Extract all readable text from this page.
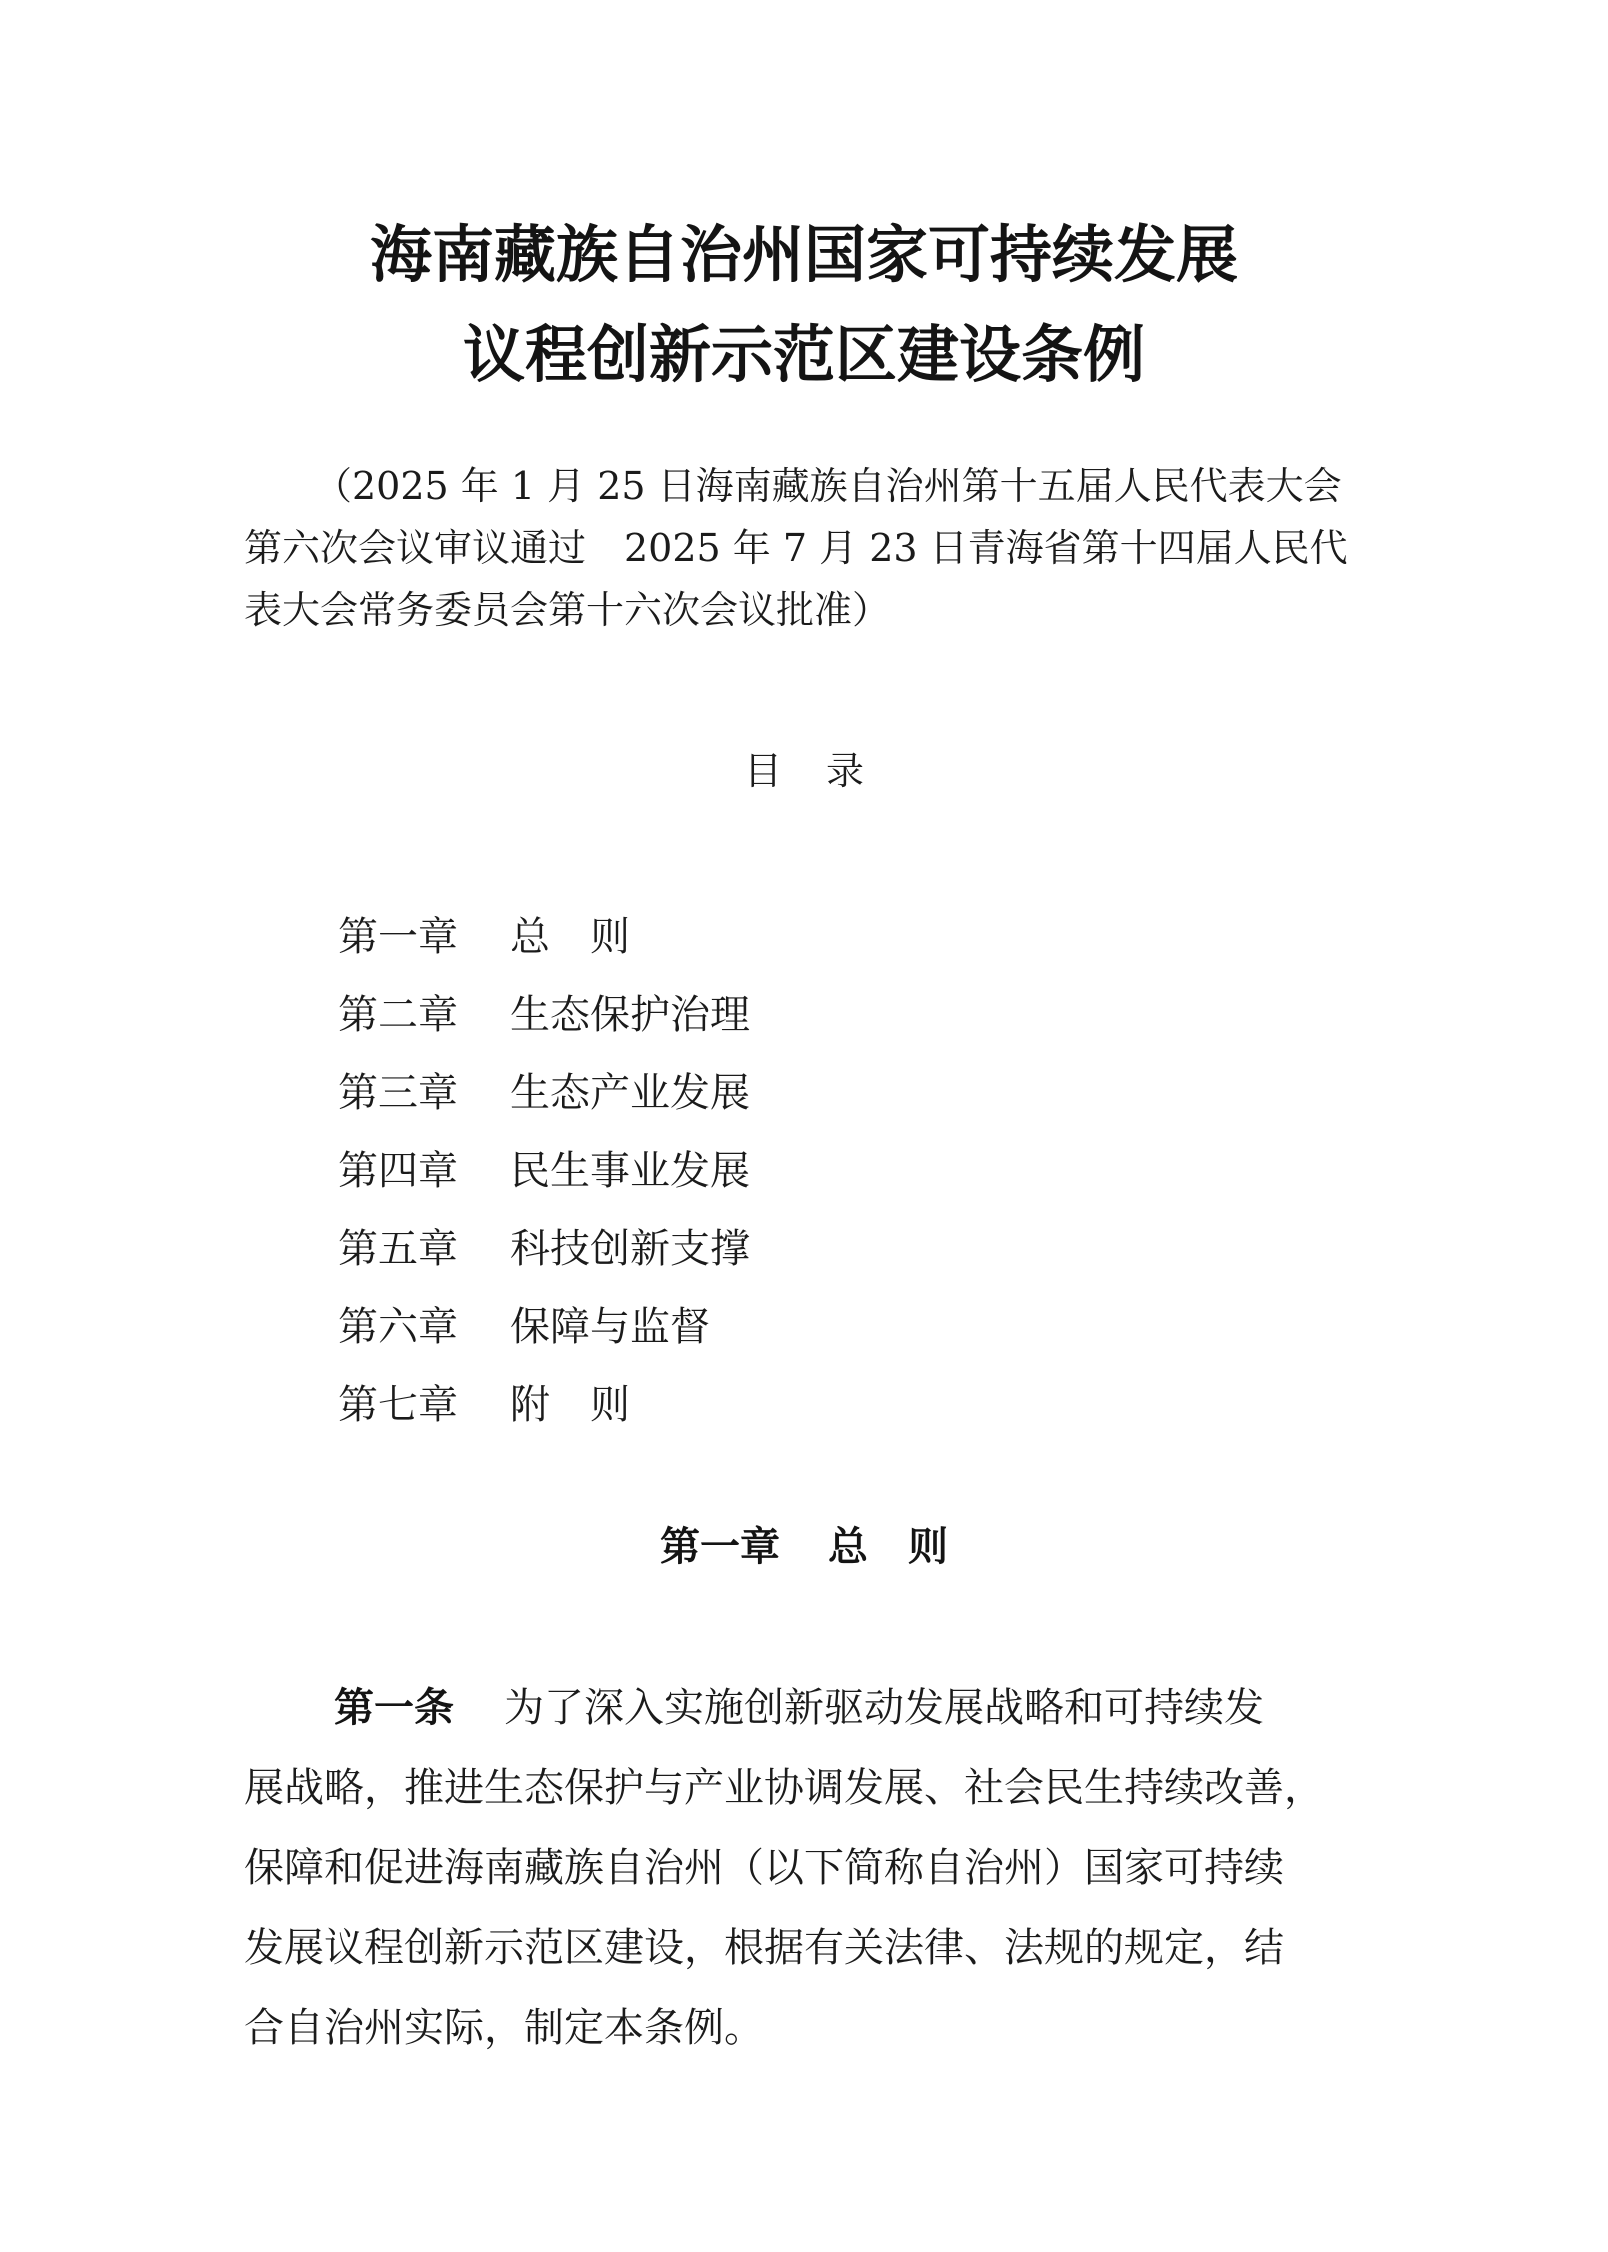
海南藏族自治州国家可持续发展
议程创新示范区建设条例
（2025 年 1 月 25 日海南藏族自治州第十五届人民代表大会
第六次会议审议通过　2025 年 7 月 23 日青海省第十四届人民代
表大会常务委员会第十六次会议批准）
目 录
第一章 总　则
第二章 生态保护治理
第三章 生态产业发展
第四章 民生事业发展
第五章 科技创新支撑
第六章 保障与监督
第七章 附　则
第一章 总　则
第一条 为了深入实施创新驱动发展战略和可持续发
展战略，推进生态保护与产业协调发展、社会民生持续改善，
保障和促进海南藏族自治州（以下简称自治州）国家可持续
发展议程创新示范区建设，根据有关法律、法规的规定，结
合自治州实际，制定本条例。
